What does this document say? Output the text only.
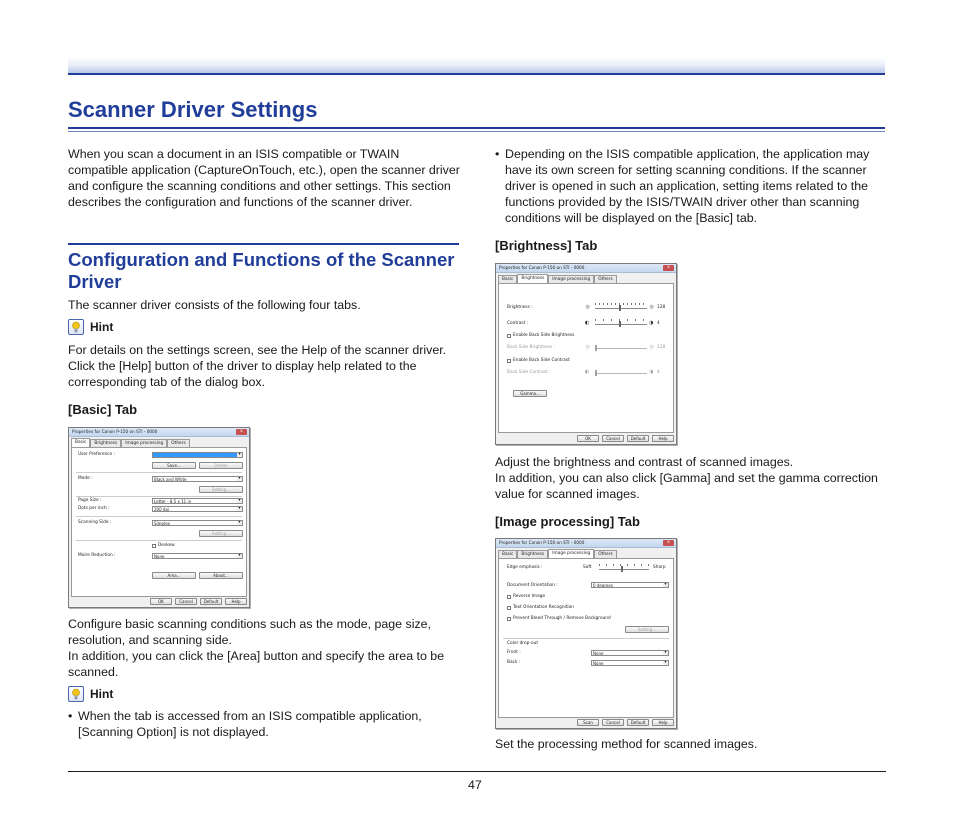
Scanner Driver Settings
When you scan a document in an ISIS compatible or TWAIN compatible application (CaptureOnTouch, etc.), open the scanner driver and configure the scanning conditions and other settings. This section describes the configuration and functions of the scanner driver.
Configuration and Functions of the Scanner Driver
The scanner driver consists of the following four tabs.
Hint
For details on the settings screen, see the Help of the scanner driver. Click the [Help] button of the driver to display help related to the corresponding tab of the dialog box.
[Basic] Tab
Properties for Canon P-150 on STI - 0000	x
Basic	Brightness	Image processing	Others
User Preference :
▾
Save...	Delete
Mode :	Black and White ▾
Setting...
Page Size :	Letter - 8.5 x 11 in ▾
Dots per inch :	200 dpi ▾
Scanning Side :	Simplex ▾
Setting...
Deskew
Moire Reduction :	None ▾
Area...	About...
OK	Cancel	Default	Help
Configure basic scanning conditions such as the mode, page size, resolution, and scanning side.
In addition, you can click the [Area] button and specify the area to be scanned.
Hint
• When the tab is accessed from an ISIS compatible application, [Scanning Option] is not displayed.
• Depending on the ISIS compatible application, the application may have its own screen for setting scanning conditions. If the scanner driver is opened in such an application, setting items related to the functions provided by the ISIS/TWAIN driver other than scanning conditions will be displayed on the [Basic] tab.
[Brightness] Tab
Properties for Canon P-150 on STI - 0000	x
Basic	Brightness	Image processing	Others
Brightness :	☼	☼ 128
Contrast :	◐	◑ 4
Enable Back Side Brightness
Back Side Brightness :	☼	☼ 128
Enable Back Side Contrast
Back Side Contrast :	◐	◑ 4
Gamma...
OK	Cancel	Default	Help
Adjust the brightness and contrast of scanned images.
In addition, you can also click [Gamma] and set the gamma correction value for scanned images.
[Image processing] Tab
Properties for Canon P-150 on STI - 0000	x
Basic	Brightness	Image processing	Others
Edge emphasis :	Soft	Sharp
Document Orientation :	0 degrees ▾
Reverse Image
Text Orientation Recognition
Prevent Bleed Through / Remove Background
Setting...
Color drop-out
Front :	None ▾
Back :	None ▾
Scan	Cancel	Default	Help
Set the processing method for scanned images.
47
